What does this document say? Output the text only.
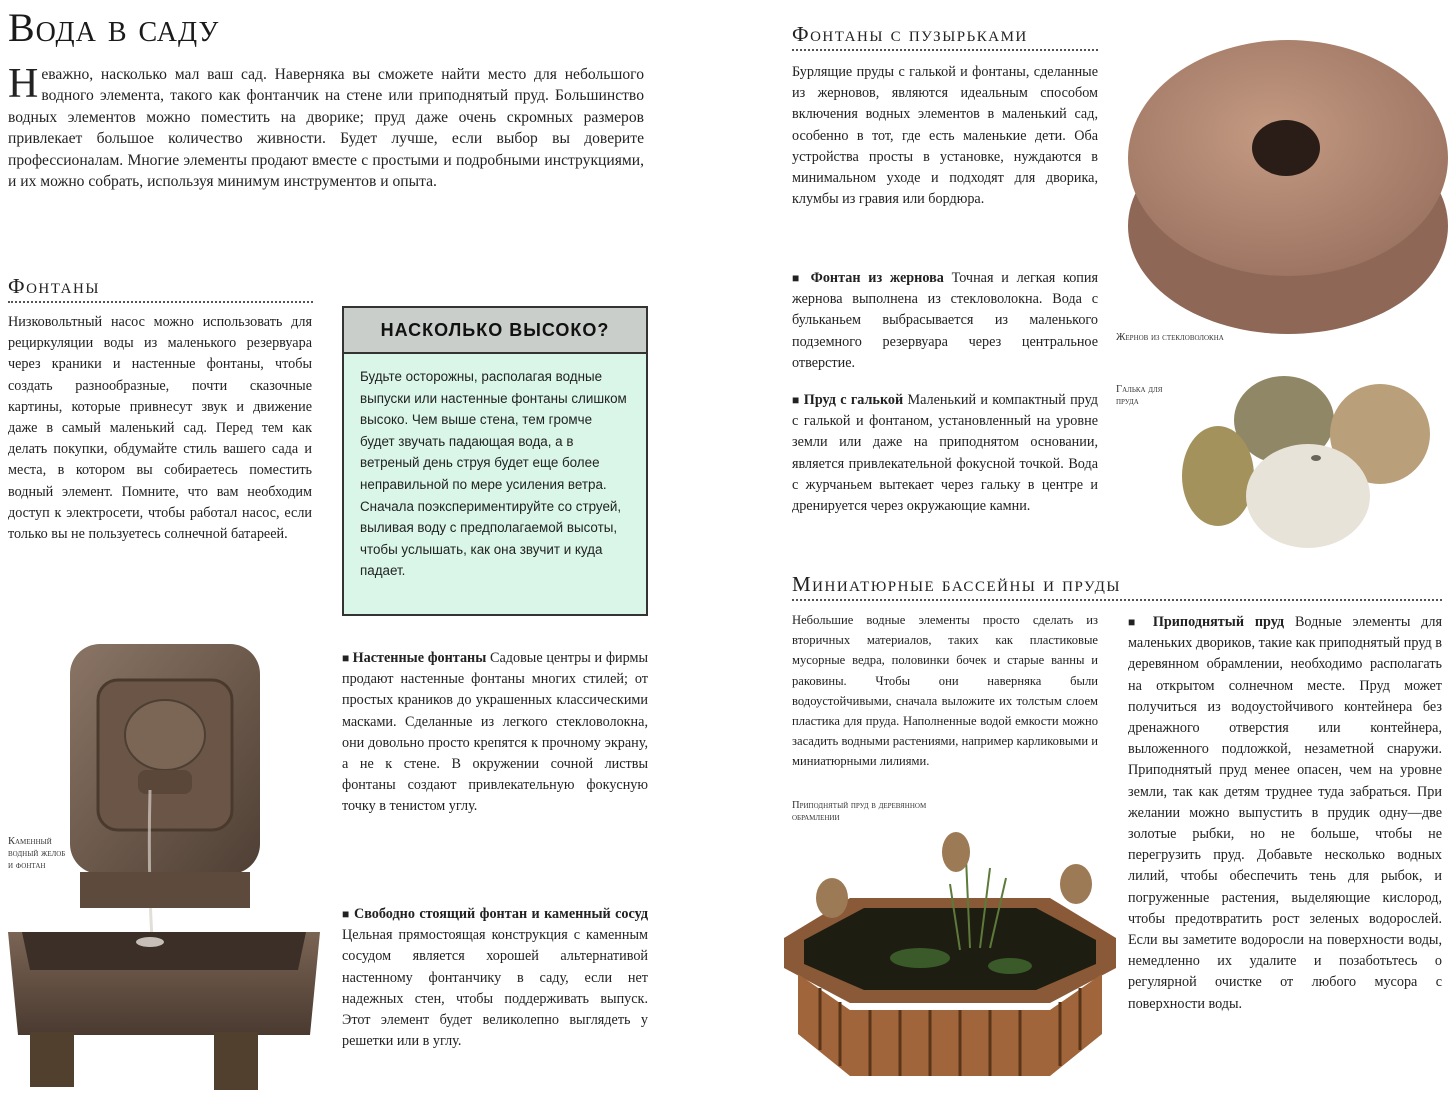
Вода в саду
Неважно, насколько мал ваш сад. Наверняка вы сможете найти место для небольшого водного элемента, такого как фонтанчик на стене или приподнятый пруд. Большинство водных элементов можно поместить на дворике; пруд даже очень скромных размеров привлекает большое количество живности. Будет лучше, если выбор вы доверите профессионалам. Многие элементы продают вместе с простыми и подробными инструкциями, и их можно собрать, используя минимум инструментов и опыта.
Фонтаны
Низковольтный насос можно использовать для рециркуляции воды из маленького резервуара через краники и настенные фонтаны, чтобы создать разнообразные, почти сказочные картины, которые привнесут звук и движение даже в самый маленький сад. Перед тем как делать покупки, обдумайте стиль вашего сада и места, в котором вы собираетесь поместить водный элемент. Помните, что вам необходим доступ к электросети, чтобы работал насос, если только вы не пользуетесь солнечной батареей.
НАСКОЛЬКО ВЫСОКО?
Будьте осторожны, располагая водные выпуски или настенные фонтаны слишком высоко. Чем выше стена, тем громче будет звучать падающая вода, а в ветреный день струя будет еще более неправильной по мере усиления ветра. Сначала поэкспериментируйте со струей, выливая воду с предполагаемой высоты, чтобы услышать, как она звучит и куда падает.
Каменный водный желоб и фонтан
■ Настенные фонтаны Садовые центры и фирмы продают настенные фонтаны многих стилей; от простых краников до украшенных классическими масками. Сделанные из легкого стекловолокна, они довольно просто крепятся к прочному экрану, а не к стене. В окружении сочной листвы фонтаны создают привлекательную фокусную точку в тенистом углу.
■ Свободно стоящий фонтан и каменный сосуд Цельная прямостоящая конструкция с каменным сосудом является хорошей альтернативой настенному фонтанчику в саду, если нет надежных стен, чтобы поддерживать выпуск. Этот элемент будет великолепно выглядеть у решетки или в углу.
Фонтаны с пузырьками
Бурлящие пруды с галькой и фонтаны, сделанные из жерновов, являются идеальным способом включения водных элементов в маленький сад, особенно в тот, где есть маленькие дети. Оба устройства просты в установке, нуждаются в минимальном уходе и подходят для дворика, клумбы из гравия или бордюра.
■ Фонтан из жернова Точная и легкая копия жернова выполнена из стекловолокна. Вода с бульканьем выбрасывается из маленького подземного резервуара через центральное отверстие.
■ Пруд с галькой Маленький и компактный пруд с галькой и фонтаном, установленный на уровне земли или даже на приподнятом основании, является привлекательной фокусной точкой. Вода с журчаньем вытекает через гальку в центре и дренируется через окружающие камни.
Жернов из стекловолокна
Галька для пруда
Миниатюрные бассейны и пруды
Небольшие водные элементы просто сделать из вторичных материалов, таких как пластиковые мусорные ведра, половинки бочек и старые ванны и раковины. Чтобы они наверняка были водоустойчивыми, сначала выложите их толстым слоем пластика для пруда. Наполненные водой емкости можно засадить водными растениями, например карликовыми и миниатюрными лилиями.
Приподнятый пруд в деревянном обрамлении
■ Приподнятый пруд Водные элементы для маленьких двориков, такие как приподнятый пруд в деревянном обрамлении, необходимо располагать на открытом солнечном месте. Пруд может получиться из водоустойчивого контейнера без дренажного отверстия или контейнера, выложенного подложкой, незаметной снаружи. Приподнятый пруд менее опасен, чем на уровне земли, так как детям труднее туда забраться. При желании можно выпустить в прудик одну—две золотые рыбки, но не больше, чтобы не перегрузить пруд. Добавьте несколько водных лилий, чтобы обеспечить тень для рыбок, и погруженные растения, выделяющие кислород, чтобы предотвратить рост зеленых водорослей. Если вы заметите водоросли на поверхности воды, немедленно их удалите и позаботьтесь о регулярной очистке от любого мусора с поверхности воды.
